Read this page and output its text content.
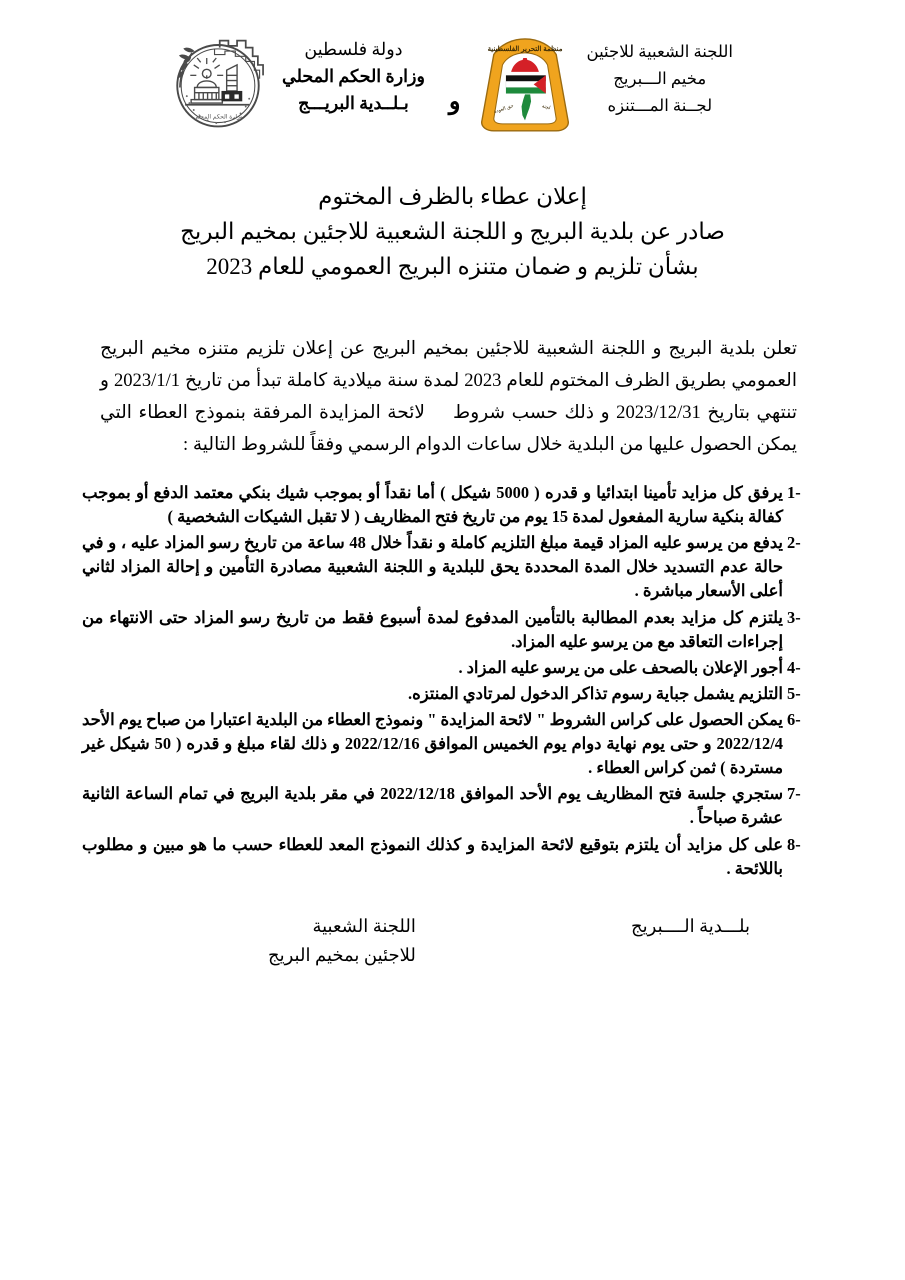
وزارة الحكم المحلي
دولة فلسطين
وزارة الحكم المحلي
بـلــدية البريـــج	و
منظمة التحرير الفلسطينية
حق العودة	لجنة
اللجنة الشعبية للاجئين
مخيم الـــبريج
لجــنة المـــتنزه
إعلان عطاء بالظرف المختوم
صادر عن بلدية البريج و اللجنة الشعبية للاجئين بمخيم البريج
بشأن تلزيم و ضمان متنزه البريج العمومي للعام 2023
تعلن بلدية البريج و اللجنة الشعبية للاجئين بمخيم البريج عن إعلان تلزيم متنزه مخيم البريج العمومي بطريق الظرف المختوم للعام 2023 لمدة سنة ميلادية كاملة تبدأ من تاريخ 2023/1/1 و تنتهي بتاريخ 2023/12/31 و ذلك حسب شروطلائحة المزايدة المرفقة بنموذج العطاء التي يمكن الحصول عليها من البلدية خلال ساعات الدوام الرسمي وفقاً للشروط التالية :
1-
يرفق كل مزايد تأمينا ابتدائيا و قدره ( 5000 شيكل ) أما نقداً أو بموجب شيك بنكي معتمد الدفع أو بموجب كفالة بنكية سارية المفعول لمدة 15 يوم من تاريخ فتح المظاريف ( لا تقبل الشيكات الشخصية )
2-
يدفع من يرسو عليه المزاد قيمة مبلغ التلزيم كاملة و نقداً خلال 48 ساعة من تاريخ رسو المزاد عليه ، و في حالة عدم التسديد خلال المدة المحددة يحق للبلدية و اللجنة الشعبية مصادرة التأمين و إحالة المزاد لثاني أعلى الأسعار مباشرة .
3-
يلتزم كل مزايد بعدم المطالبة بالتأمين المدفوع لمدة أسبوع فقط من تاريخ رسو المزاد حتى الانتهاء من إجراءات التعاقد مع من يرسو عليه المزاد.
4-
أجور الإعلان بالصحف على من يرسو عليه المزاد .
5-
التلزيم يشمل جباية رسوم تذاكر الدخول لمرتادي المنتزه.
6-
يمكن الحصول على كراس الشروط " لائحة المزايدة " ونموذج العطاء من البلدية اعتبارا من صباح يوم الأحد 2022/12/4 و حتى يوم نهاية دوام يوم الخميس الموافق 2022/12/16 و ذلك لقاء مبلغ و قدره ( 50 شيكل غير مستردة ) ثمن كراس العطاء .
7-
ستجري جلسة فتح المظاريف يوم الأحد الموافق 2022/12/18 في مقر بلدية البريج في تمام الساعة الثانية عشرة صباحاً .
8-
على كل مزايد أن يلتزم بتوقيع لائحة المزايدة و كذلك النموذج المعد للعطاء حسب ما هو مبين و مطلوب باللائحة .
بلـــدية الــــبريج
اللجنة الشعبية
للاجئين بمخيم البريج
